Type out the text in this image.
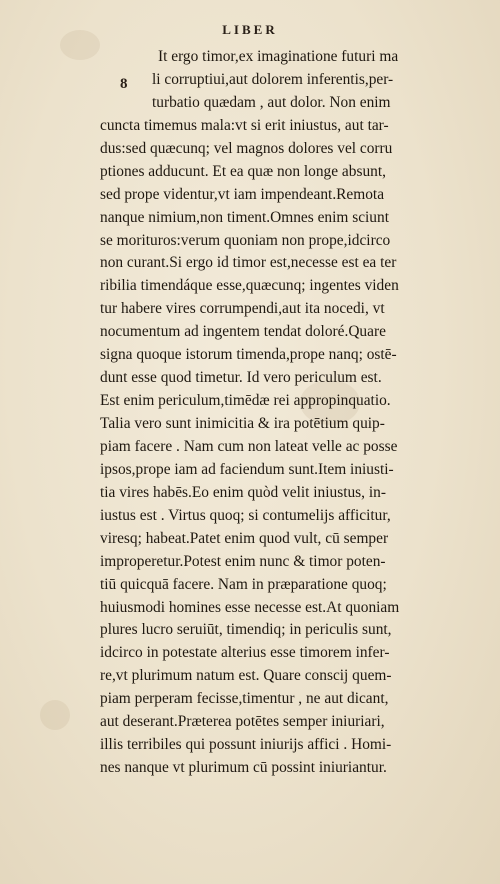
LIBER
8
It ergo timor,ex imaginatione futuri ma
li corruptiui,aut dolorem inferentis,per-
turbatio quædam , aut dolor. Non enim
cuncta timemus mala:vt si erit iniustus, aut tar-
dus:sed quæcunq; vel magnos dolores vel corru
ptiones adducunt. Et ea quæ non longe absunt,
sed prope videntur,vt iam impendeant.Remota
nanque nimium,non timent.Omnes enim sciunt
se morituros:verum quoniam non prope,idcirco
non curant.Si ergo id timor est,necesse est ea ter
ribilia timendáque esse,quæcunq; ingentes viden
tur habere vires corrumpendi,aut ita nocedi, vt
nocumentum ad ingentem tendat doloré.Quare
signa quoque istorum timenda,prope nanq; ostē-
dunt esse quod timetur. Id vero periculum est.
Est enim periculum,timēdæ rei appropinquatio.
Talia vero sunt inimicitia & ira potētium quip-
piam facere . Nam cum non lateat velle ac posse
ipsos,prope iam ad faciendum sunt.Item iniusti-
tia vires habēs.Eo enim quòd velit iniustus, in-
iustus est . Virtus quoq; si contumelijs afficitur,
viresq; habeat.Patet enim quod vult, cū semper
improperetur.Potest enim nunc & timor poten-
tiū quicquā facere. Nam in præparatione quoq;
huiusmodi homines esse necesse est.At quoniam
plures lucro seruiūt, timendiq; in periculis sunt,
idcirco in potestate alterius esse timorem infer-
re,vt plurimum natum est. Quare conscij quem-
piam perperam fecisse,timentur , ne aut dicant,
aut deserant.Præterea potētes semper iniuriari,
illis terribiles qui possunt iniurijs affici . Homi-
nes nanque vt plurimum cū possint iniuriantur.
